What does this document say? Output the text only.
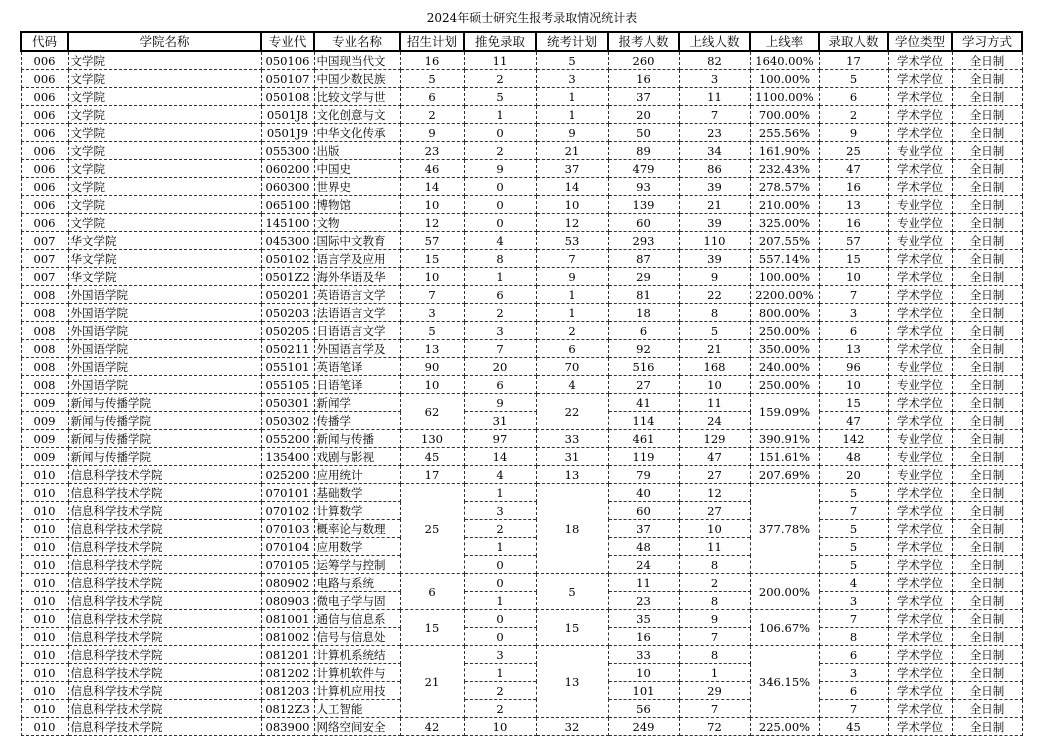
2024年硕士研究生报考录取情况统计表
代码	学院名称	专业代	专业名称	招生计划	推免录取	统考计划	报考人数	上线人数	上线率	录取人数	学位类型	学习方式
006	文学院	050106	中国现当代文	16	11	5	260	82	1640.00%	17	学术学位	全日制
006	文学院	050107	中国少数民族	5	2	3	16	3	100.00%	5	学术学位	全日制
006	文学院	050108	比较文学与世	6	5	1	37	11	1100.00%	6	学术学位	全日制
006	文学院	0501J8	文化创意与文	2	1	1	20	7	700.00%	2	学术学位	全日制
006	文学院	0501J9	中华文化传承	9	0	9	50	23	255.56%	9	学术学位	全日制
006	文学院	055300	出版	23	2	21	89	34	161.90%	25	专业学位	全日制
006	文学院	060200	中国史	46	9	37	479	86	232.43%	47	学术学位	全日制
006	文学院	060300	世界史	14	0	14	93	39	278.57%	16	学术学位	全日制
006	文学院	065100	博物馆	10	0	10	139	21	210.00%	13	专业学位	全日制
006	文学院	145100	文物	12	0	12	60	39	325.00%	16	专业学位	全日制
007	华文学院	045300	国际中文教育	57	4	53	293	110	207.55%	57	专业学位	全日制
007	华文学院	050102	语言学及应用	15	8	7	87	39	557.14%	15	学术学位	全日制
007	华文学院	0501Z2	海外华语及华	10	1	9	29	9	100.00%	10	学术学位	全日制
008	外国语学院	050201	英语语言文学	7	6	1	81	22	2200.00%	7	学术学位	全日制
008	外国语学院	050203	法语语言文学	3	2	1	18	8	800.00%	3	学术学位	全日制
008	外国语学院	050205	日语语言文学	5	3	2	6	5	250.00%	6	学术学位	全日制
008	外国语学院	050211	外国语言学及	13	7	6	92	21	350.00%	13	学术学位	全日制
008	外国语学院	055101	英语笔译	90	20	70	516	168	240.00%	96	专业学位	全日制
008	外国语学院	055105	日语笔译	10	6	4	27	10	250.00%	10	专业学位	全日制
009	新闻与传播学院	050301	新闻学	62	9	22	41	11	159.09%	15	学术学位	全日制
009	新闻与传播学院	050302	传播学		31		114	24		47	学术学位	全日制
009	新闻与传播学院	055200	新闻与传播	130	97	33	461	129	390.91%	142	专业学位	全日制
009	新闻与传播学院	135400	戏剧与影视	45	14	31	119	47	151.61%	48	专业学位	全日制
010	信息科学技术学院	025200	应用统计	17	4	13	79	27	207.69%	20	专业学位	全日制
010	信息科学技术学院	070101	基础数学	25	1	18	40	12	377.78%	5	学术学位	全日制
010	信息科学技术学院	070102	计算数学		3		60	27		7	学术学位	全日制
010	信息科学技术学院	070103	概率论与数理		2		37	10		5	学术学位	全日制
010	信息科学技术学院	070104	应用数学		1		48	11		5	学术学位	全日制
010	信息科学技术学院	070105	运筹学与控制		0		24	8		5	学术学位	全日制
010	信息科学技术学院	080902	电路与系统	6	0	5	11	2	200.00%	4	学术学位	全日制
010	信息科学技术学院	080903	微电子学与固		1		23	8		3	学术学位	全日制
010	信息科学技术学院	081001	通信与信息系	15	0	15	35	9	106.67%	7	学术学位	全日制
010	信息科学技术学院	081002	信号与信息处		0		16	7		8	学术学位	全日制
010	信息科学技术学院	081201	计算机系统结	21	3	13	33	8	346.15%	6	学术学位	全日制
010	信息科学技术学院	081202	计算机软件与		1		10	1		3	学术学位	全日制
010	信息科学技术学院	081203	计算机应用技		2		101	29		6	学术学位	全日制
010	信息科学技术学院	0812Z3	人工智能		2		56	7		7	学术学位	全日制
010	信息科学技术学院	083900	网络空间安全	42	10	32	249	72	225.00%	45	学术学位	全日制
